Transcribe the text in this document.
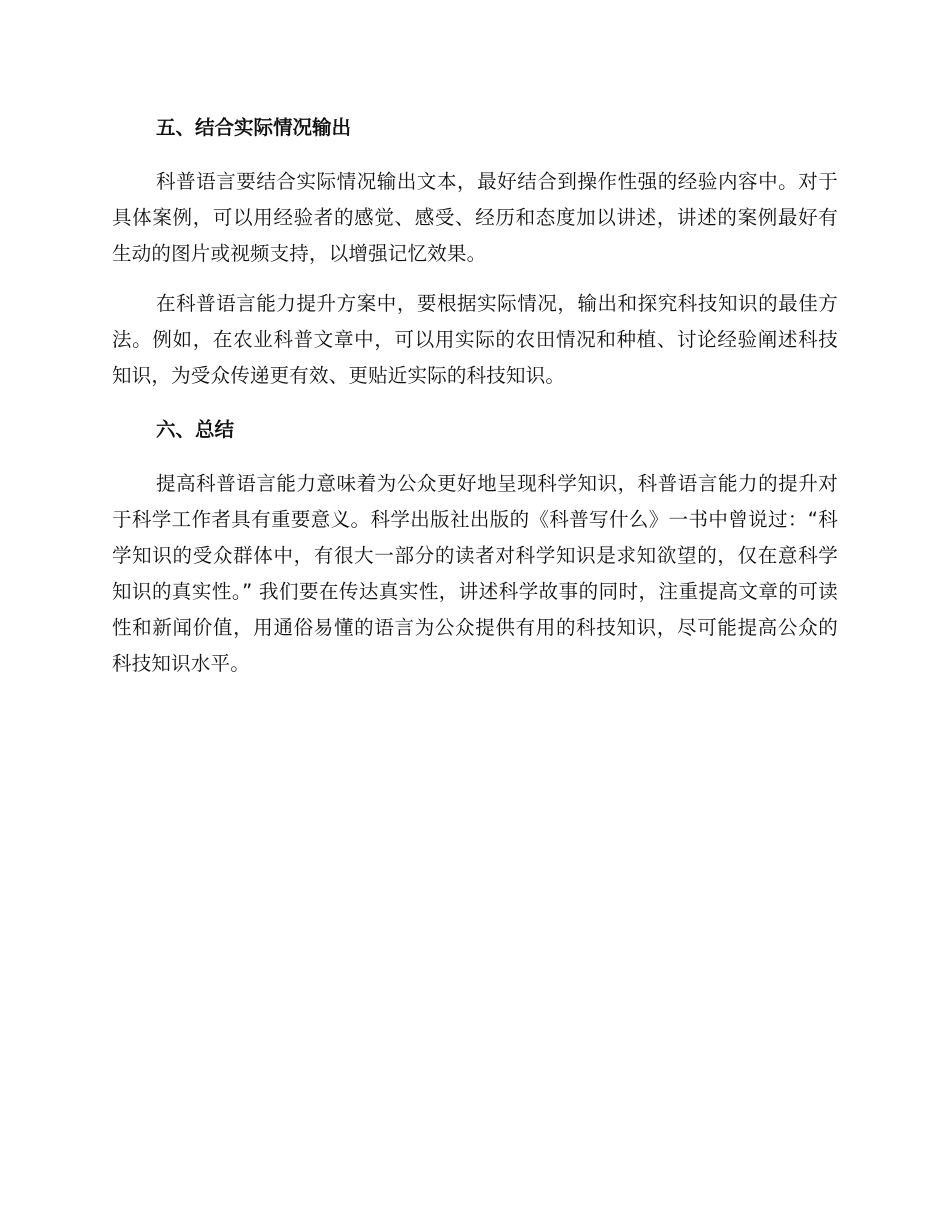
五、结合实际情况输出

科普语言要结合实际情况输出文本，最好结合到操作性强的经验内容中。对于具体案例，可以用经验者的感觉、感受、经历和态度加以讲述，讲述的案例最好有生动的图片或视频支持，以增强记忆效果。

在科普语言能力提升方案中，要根据实际情况，输出和探究科技知识的最佳方法。例如，在农业科普文章中，可以用实际的农田情况和种植、讨论经验阐述科技知识，为受众传递更有效、更贴近实际的科技知识。

六、总结

提高科普语言能力意味着为公众更好地呈现科学知识，科普语言能力的提升对于科学工作者具有重要意义。科学出版社出版的《科普写什么》一书中曾说过：“科学知识的受众群体中，有很大一部分的读者对科学知识是求知欲望的，仅在意科学知识的真实性。” 我们要在传达真实性，讲述科学故事的同时，注重提高文章的可读性和新闻价值，用通俗易懂的语言为公众提供有用的科技知识，尽可能提高公众的科技知识水平。
